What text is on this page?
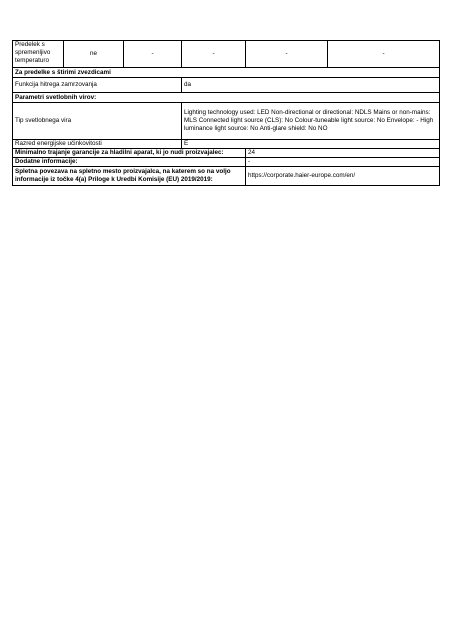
Predelek s spremenljivo temperaturo	ne	-	-	-	-
Za predelke s štirimi zvezdicami					
Funkcija hitrega zamrzovanja			da		
Parametri svetlobnih virov:					
Tip svetlobnega vira			Lighting technology used: LED Non-directional or directional: NDLS Mains or non-mains: MLS Connected light source (CLS): No Colour-tuneable light source: No Envelope: - High luminance light source: No Anti-glare shield: No NO		
Razred energijske učinkovitosti			E		
Minimalno trajanje garancije za hladilni aparat, ki jo nudi proizvajalec:				24	
Dodatne informacije:				-	
Spletna povezava na spletno mesto proizvajalca, na katerem so na voljo informacije iz točke 4(a) Priloge k Uredbi Komisije (EU) 2019/2019:				https://corporate.haier-europe.com/en/	
